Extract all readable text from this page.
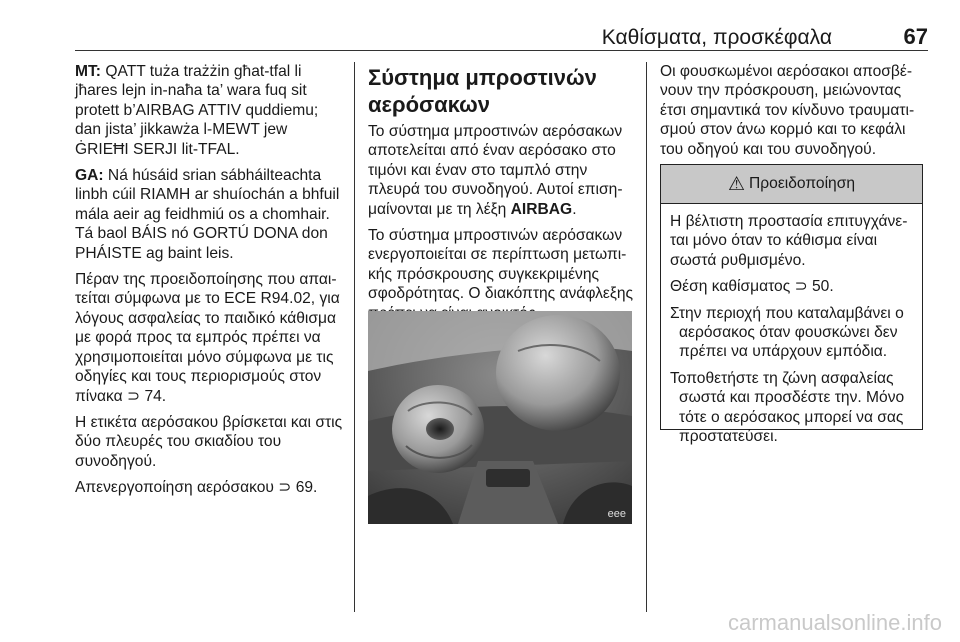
Καθίσματα, προσκέφαλα	67

MT: QATT tuża trażżin għat-tfal li jħares lejn in-naħa ta’ wara fuq sit protett b’AIRBAG ATTIV quddiemu; dan jista’ jikkawża l-MEWT jew ĠRIEĦI SERJI lit-TFAL.

GA: Ná húsáid srian sábháilteachta linbh cúil RIAMH ar shuíochán a bhfuil mála aeir ag feidhmiú os a chomhair. Tá baol BÁIS nó GORTÚ DONA don PHÁISTE ag baint leis.

Πέραν της προειδοποίησης που απαιτείται σύμφωνα με το ECE R94.02, για λόγους ασφαλείας το παιδικό κάθισμα με φορά προς τα εμπρός πρέπει να χρησιμοποιείται μόνο σύμφωνα με τις οδηγίες και τους περιορισμούς στον πίνακα ⊃ 74.

Η ετικέτα αερόσακου βρίσκεται και στις δύο πλευρές του σκιαδίου του συνοδηγού.

Απενεργοποίηση αερόσακου ⊃ 69.

Σύστημα μπροστινών αερόσακων

Το σύστημα μπροστινών αερόσακων αποτελείται από έναν αερόσακο στο τιμόνι και έναν στο ταμπλό στην πλευρά του συνοδηγού. Αυτοί επισημαίνονται με τη λέξη AIRBAG.

Το σύστημα μπροστινών αερόσακων ενεργοποιείται σε περίπτωση μετωπικής πρόσκρουσης συγκεκριμένης σφοδρότητας. Ο διακόπτης ανάφλεξης

eee

Οι φουσκωμένοι αερόσακοι αποσβένουν την πρόσκρουση, μειώνοντας έτσι σημαντικά τον κίνδυνο τραυματισμού στον άνω κορμό και το κεφάλι του οδηγού και του συνοδηγού.

⚠ Προειδοποίηση

Η βέλτιστη προστασία επιτυγχάνεται μόνο όταν το κάθισμα είναι σωστά ρυθμισμένο.

Θέση καθίσματος ⊃ 50.

Στην περιοχή που καταλαμβάνει ο αερόσακος όταν φουσκώνει δεν πρέπει να υπάρχουν εμπόδια.

Τοποθετήστε τη ζώνη ασφαλείας σωστά και προσδέστε την. Μόνο τότε ο αερόσακος μπορεί να σας προστατεύσει.

carmanualsonline.info
